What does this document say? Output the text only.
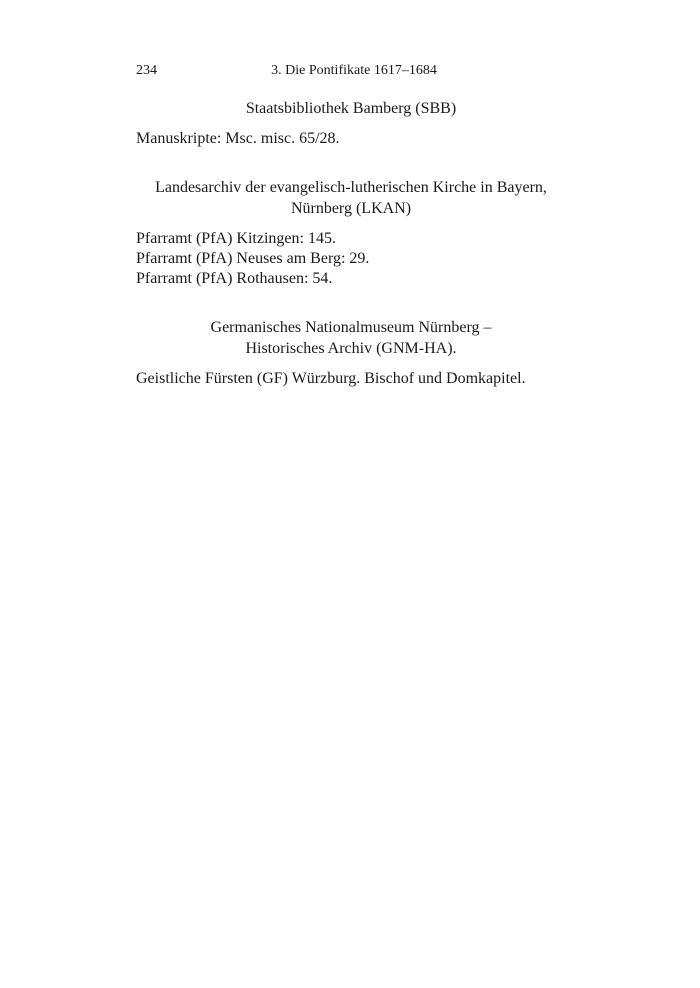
234	3. Die Pontifikate 1617–1684

Staatsbibliothek Bamberg (SBB)

Manuskripte: Msc. misc. 65/28.

Landesarchiv der evangelisch-lutherischen Kirche in Bayern,

Nürnberg (LKAN)

Pfarramt (PfA) Kitzingen: 145.

Pfarramt (PfA) Neuses am Berg: 29.

Pfarramt (PfA) Rothausen: 54.

Germanisches Nationalmuseum Nürnberg –

Historisches Archiv (GNM-HA).

Geistliche Fürsten (GF) Würzburg. Bischof und Domkapitel.
